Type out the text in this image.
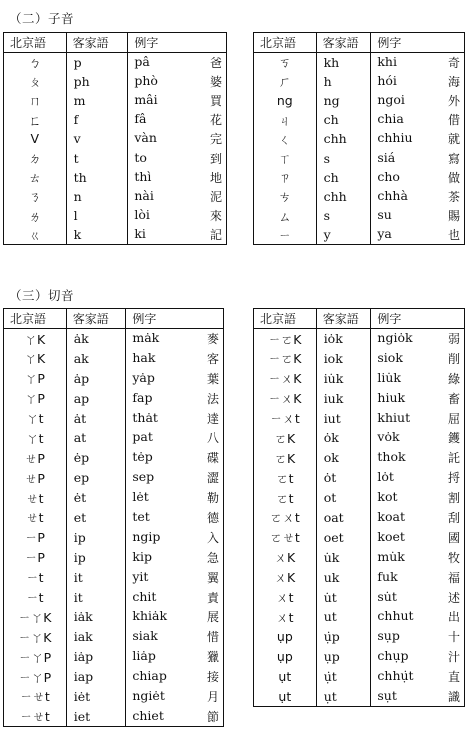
（二）子音
北京語	客家語	例字
ㄅ	p	pâ 爸

ㄆ	ph	phò 婆

ㄇ	m	mâi 買

ㄈ	f	fâ 花

V	v	vàn 完

ㄉ	t	to 到

ㄊ	th	thì 地

ㄋ	n	nài 泥

ㄌ	l	lòi 來

ㄍ	k	ki 記
北京語	客家語	例字
ㄎ	kh	khi 奇

ㄏ	h	hói 海

ng	ng	ngoi 外

ㄐ	ch	chia 借

ㄑ	chh	chhiu 就

ㄒ	s	siá 寫

ㄗ	ch	cho 做

ㄘ	chh	chhà 茶

ㄙ	s	su 賜

ㄧ	y	ya 也
（三）切音
北京語	客家語	例字
ㄚK	ȧk	mȧk 麥

ㄚK	ak	hak 客

ㄚP	ȧp	yȧp 葉

ㄚP	ap	fap 法

ㄚt	ȧt	thȧt 達

ㄚt	at	pat 八

ㄝP	ėp	tėp 碟

ㄝP	ep	sep 澀

ㄝt	ėt	lėt 勒

ㄝt	et	tet 德

ㄧP	ip	ngip 入

ㄧP	ip	kip 急

ㄧt	it	yit 翼

ㄧt	it	chit 責

ㄧㄚK	iȧk	khiȧk 展

ㄧㄚK	iak	siak 惜

ㄧㄚP	iȧp	liȧp 獵

ㄧㄚP	iap	chiap 接

ㄧㄝt	iėt	ngiėt 月

ㄧㄝt	iet	chiet 節
北京語	客家語	例字
ㄧㄛK	iȯk	ngiȯk 弱

ㄧㄛK	iok	siok 削

ㄧㄨK	iu̇k	liu̇k 綠

ㄧㄨK	iuk	hiuk 畜

ㄧㄨt	iut	khiut 屈

ㄛK	ȯk	vȯk 鑊

ㄛK	ok	thok 託

ㄛt	ȯt	lȯt 捋

ㄛt	ot	kot 割

ㄛㄨt	oat	koat 刮

ㄛㄝt	oet	koet 國

ㄨK	u̇k	mu̇k 牧

ㄨK	uk	fuk 福

ㄨt	u̇t	su̇t 述

ㄨt	ut	chhut 出

ụp	ụ̇p	sụp 十

ụp	ụp	chụp 汁

ụt	ụ̇t	chhụ̇t 直

ụt	ụt	sụt 識
